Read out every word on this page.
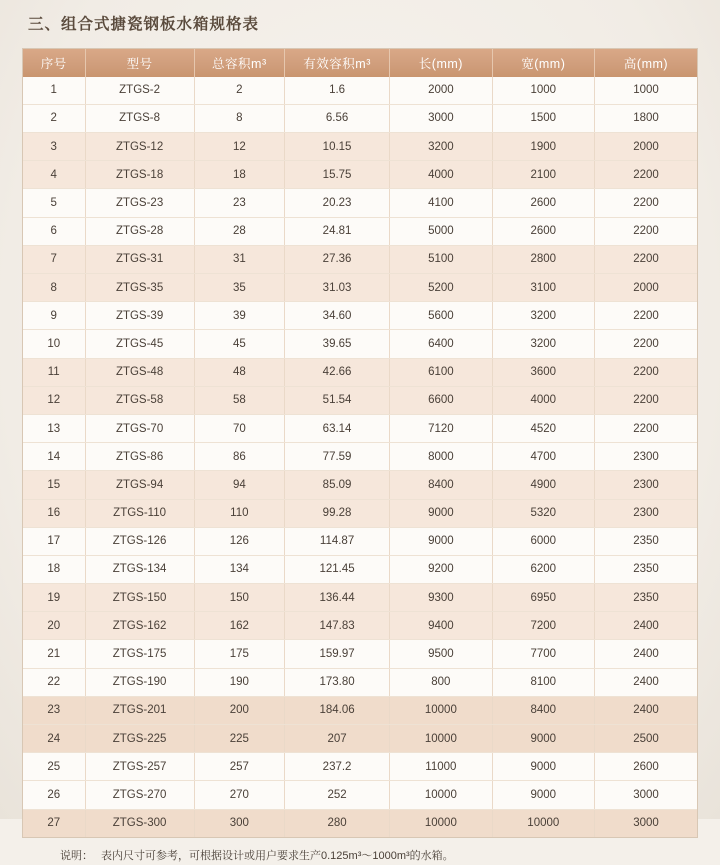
三、组合式搪瓷钢板水箱规格表
序号	型号	总容积m³	有效容积m³	长(mm)	宽(mm)	高(mm)
1	ZTGS-2	2	1.6	2000	1000	1000
2	ZTGS-8	8	6.56	3000	1500	1800
3	ZTGS-12	12	10.15	3200	1900	2000
4	ZTGS-18	18	15.75	4000	2100	2200
5	ZTGS-23	23	20.23	4100	2600	2200
6	ZTGS-28	28	24.81	5000	2600	2200
7	ZTGS-31	31	27.36	5100	2800	2200
8	ZTGS-35	35	31.03	5200	3100	2000
9	ZTGS-39	39	34.60	5600	3200	2200
10	ZTGS-45	45	39.65	6400	3200	2200
11	ZTGS-48	48	42.66	6100	3600	2200
12	ZTGS-58	58	51.54	6600	4000	2200
13	ZTGS-70	70	63.14	7120	4520	2200
14	ZTGS-86	86	77.59	8000	4700	2300
15	ZTGS-94	94	85.09	8400	4900	2300
16	ZTGS-110	110	99.28	9000	5320	2300
17	ZTGS-126	126	114.87	9000	6000	2350
18	ZTGS-134	134	121.45	9200	6200	2350
19	ZTGS-150	150	136.44	9300	6950	2350
20	ZTGS-162	162	147.83	9400	7200	2400
21	ZTGS-175	175	159.97	9500	7700	2400
22	ZTGS-190	190	173.80	800	8100	2400
23	ZTGS-201	200	184.06	10000	8400	2400
24	ZTGS-225	225	207	10000	9000	2500
25	ZTGS-257	257	237.2	11000	9000	2600
26	ZTGS-270	270	252	10000	9000	3000
27	ZTGS-300	300	280	10000	10000	3000
说明： 表内尺寸可参考，可根据设计或用户要求生产0.125m³～1000m³的水箱。
